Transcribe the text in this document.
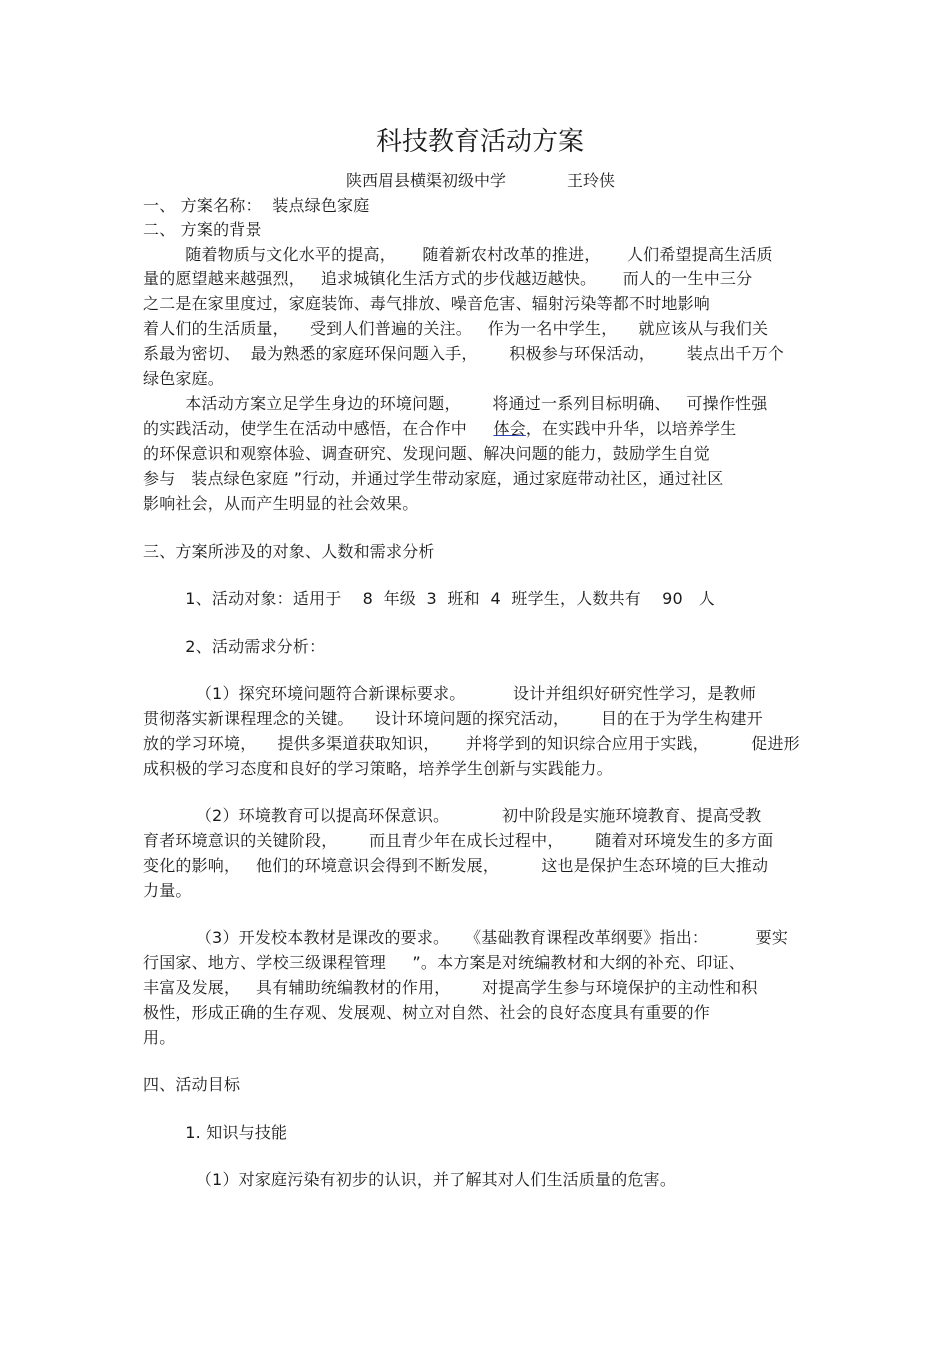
科技教育活动方案
陕西眉县横渠初级中学            王玲侠
一、 方案名称：  装点绿色家庭
二、 方案的背景
随着物质与文化水平的提高，     随着新农村改革的推进，     人们希望提高生活质
量的愿望越来越强烈，   追求城镇化生活方式的步伐越迈越快。     而人的一生中三分
之二是在家里度过，家庭装饰、毒气排放、噪音危害、辐射污染等都不时地影响
着人们的生活质量，    受到人们普遍的关注。   作为一名中学生，    就应该从与我们关
系最为密切、  最为熟悉的家庭环保问题入手，      积极参与环保活动，      装点出千万个
绿色家庭。
本活动方案立足学生身边的环境问题，      将通过一系列目标明确、   可操作性强
的实践活动，使学生在活动中感悟，在合作中     体会，在实践中升华，以培养学生
的环保意识和观察体验、调查研究、发现问题、解决问题的能力，鼓励学生自觉
参与   装点绿色家庭 ”行动，并通过学生带动家庭，通过家庭带动社区，通过社区
影响社会，从而产生明显的社会效果。
三、方案所涉及的对象、人数和需求分析
1、活动对象：适用于    8  年级  3  班和  4  班学生，人数共有    90   人
2、活动需求分析：
（1）探究环境问题符合新课标要求。         设计并组织好研究性学习，是教师
贯彻落实新课程理念的关键。    设计环境问题的探究活动，      目的在于为学生构建开
放的学习环境，    提供多渠道获取知识，     并将学到的知识综合应用于实践，        促进形
成积极的学习态度和良好的学习策略，培养学生创新与实践能力。
（2）环境教育可以提高环保意识。          初中阶段是实施环境教育、提高受教
育者环境意识的关键阶段，      而且青少年在成长过程中，      随着对环境发生的多方面
变化的影响，   他们的环境意识会得到不断发展，        这也是保护生态环境的巨大推动
力量。
（3）开发校本教材是课改的要求。   《基础教育课程改革纲要》指出：         要实
行国家、地方、学校三级课程管理     ”。本方案是对统编教材和大纲的补充、印证、
丰富及发展，   具有辅助统编教材的作用，      对提高学生参与环境保护的主动性和积
极性，形成正确的生存观、发展观、树立对自然、社会的良好态度具有重要的作
用。
四、活动目标
1. 知识与技能
（1）对家庭污染有初步的认识，并了解其对人们生活质量的危害。
